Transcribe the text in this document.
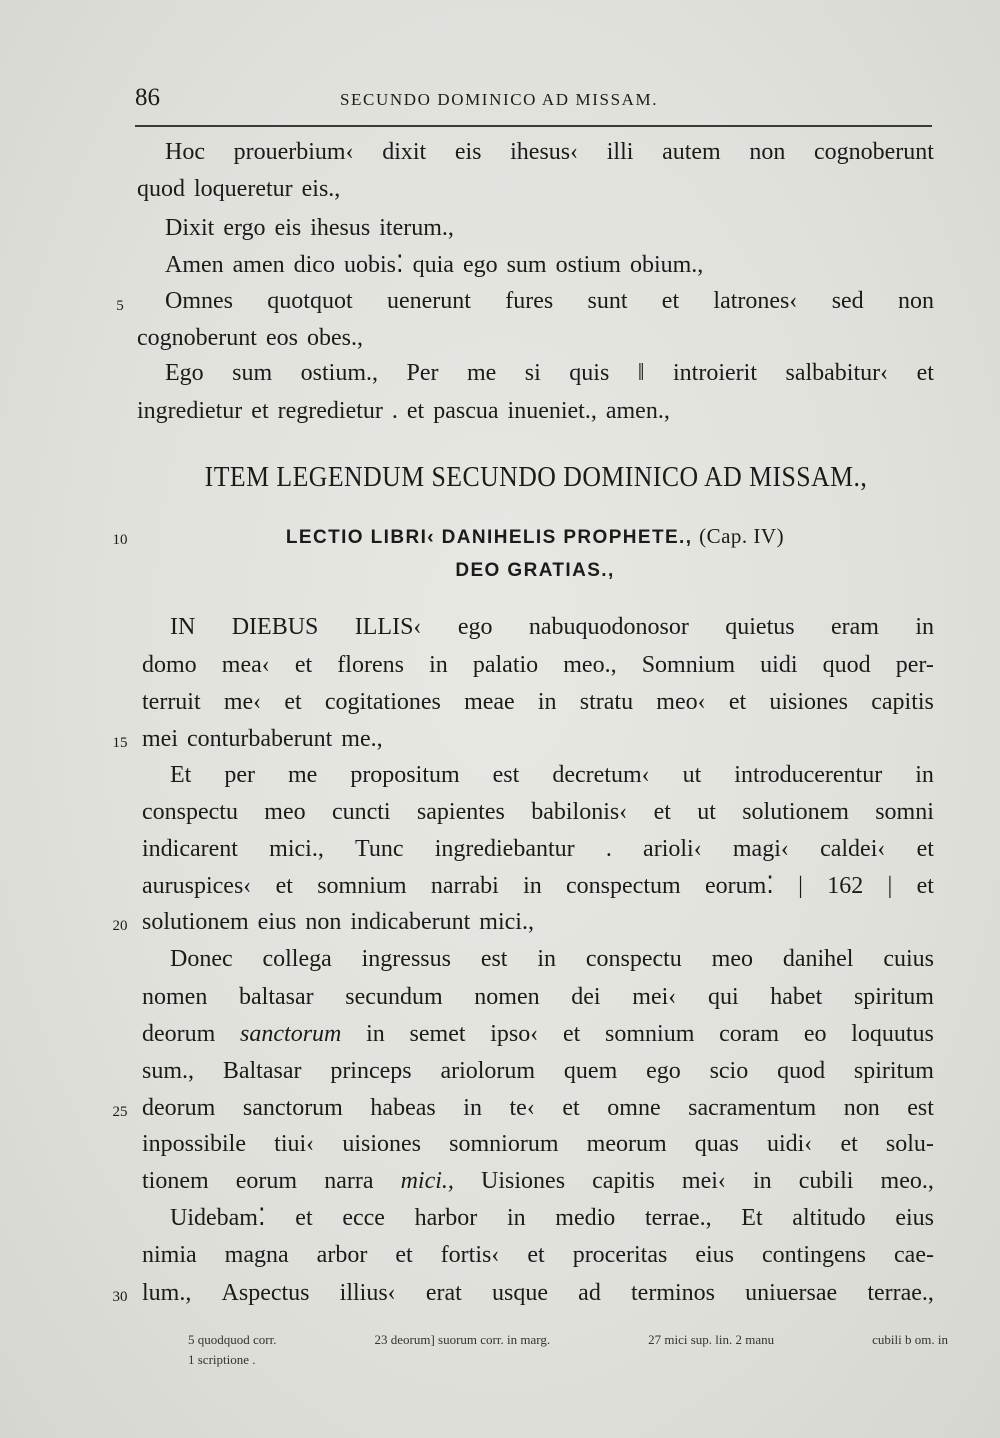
86	SECUNDO DOMINICO AD MISSAM.
Hoc prouerbium‹ dixit eis ihesus‹ illi autem non cognoberunt
quod loqueretur eis.,
Dixit ergo eis ihesus iterum.,
Amen amen dico uobis⁚ quia ego sum ostium obium.,
Omnes quotquot uenerunt fures sunt et latrones‹ sed non
cognoberunt eos obes.,
Ego sum ostium., Per me si quis ‖ introierit salbabitur‹ et
ingredietur et regredietur . et pascua inueniet., amen.,
ITEM LEGENDUM SECUNDO DOMINICO AD MISSAM.,
LECTIO LIBRI‹ DANIHELIS PROPHETE., (Cap. IV)
DEO GRATIAS.,
IN DIEBUS ILLIS‹ ego nabuquodonosor quietus eram in
domo mea‹ et florens in palatio meo., Somnium uidi quod per-
terruit me‹ et cogitationes meae in stratu meo‹ et uisiones capitis
mei conturbaberunt me.,
Et per me propositum est decretum‹ ut introducerentur in
conspectu meo cuncti sapientes babilonis‹ et ut solutionem somni
indicarent mici., Tunc ingrediebantur . arioli‹ magi‹ caldei‹ et
auruspices‹ et somnium narrabi in conspectum eorum⁚ | 162 | et
solutionem eius non indicaberunt mici.,
Donec collega ingressus est in conspectu meo danihel cuius
nomen baltasar secundum nomen dei mei‹ qui habet spiritum
deorum sanctorum in semet ipso‹ et somnium coram eo loquutus
sum., Baltasar princeps ariolorum quem ego scio quod spiritum
deorum sanctorum habeas in te‹ et omne sacramentum non est
inpossibile tiui‹ uisiones somniorum meorum quas uidi‹ et solu-
tionem eorum narra mici., Uisiones capitis mei‹ in cubili meo.,
Uidebam⁚ et ecce harbor in medio terrae., Et altitudo eius
nimia magna arbor et fortis‹ et proceritas eius contingens cae-
lum., Aspectus illius‹ erat usque ad terminos uniuersae terrae.,
5
10
15
20
25
30
5 quodquod corr.	23 deorum] suorum corr. in marg.	27 mici sup. lin. 2 manu	cubili b om. in
1 scriptione .
